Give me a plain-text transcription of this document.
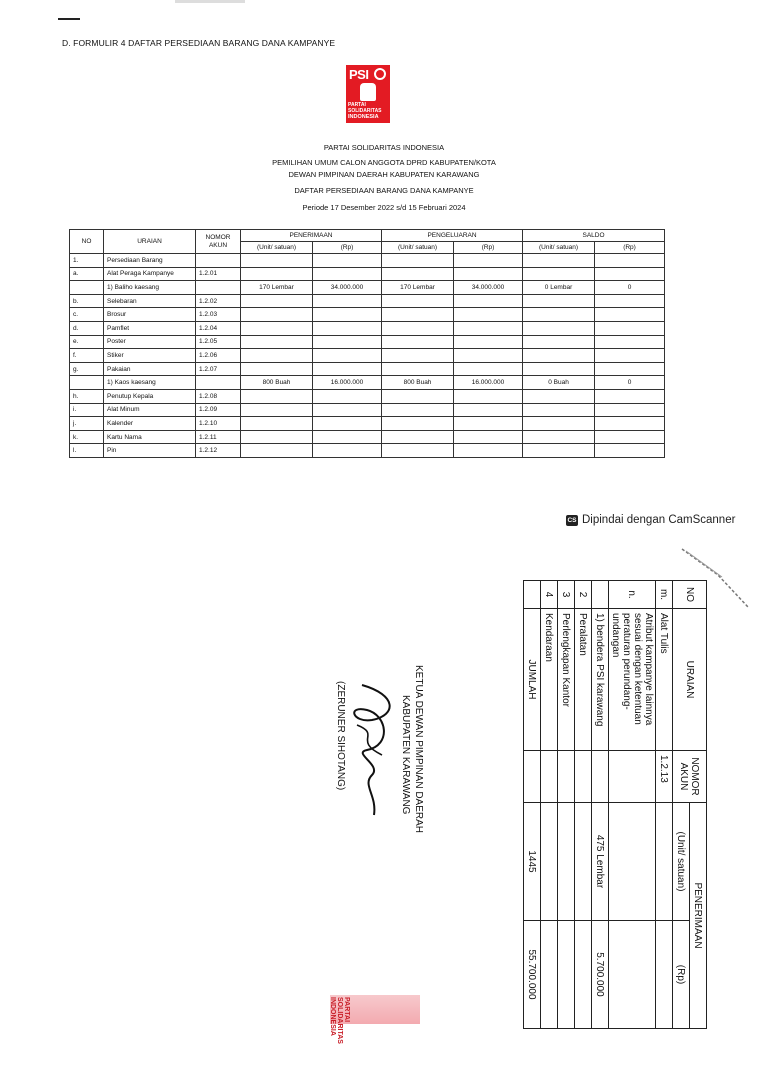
D. FORMULIR 4 DAFTAR PERSEDIAAN BARANG DANA KAMPANYE
PSI
PARTAI
SOLIDARITAS
INDONESIA
PARTAI SOLIDARITAS INDONESIA
PEMILIHAN UMUM CALON ANGGOTA DPRD KABUPATEN/KOTA
DEWAN PIMPINAN DAERAH KABUPATEN KARAWANG
DAFTAR PERSEDIAAN BARANG DANA KAMPANYE
Periode 17 Desember 2022 s/d 15 Februari 2024
NO	URAIAN	NOMOR AKUN	PENERIMAAN		PENGELUARAN		SALDO	
			(Unit/ satuan)	(Rp)	(Unit/ satuan)	(Rp)	(Unit/ satuan)	(Rp)
1.	Persediaan Barang							
a.	Alat Peraga Kampanye	1.2.01						
	1) Baliho kaesang		170 Lembar	34.000.000	170 Lembar	34.000.000	0 Lembar	0
b.	Selebaran	1.2.02						
c.	Brosur	1.2.03						
d.	Pamflet	1.2.04						
e.	Poster	1.2.05						
f.	Stiker	1.2.06						
g.	Pakaian	1.2.07						
	1) Kaos kaesang		800 Buah	16.000.000	800 Buah	16.000.000	0 Buah	0
h.	Penutup Kepala	1.2.08						
i.	Alat Minum	1.2.09						
j.	Kalender	1.2.10						
k.	Kartu Nama	1.2.11						
l.	Pin	1.2.12						
CS Dipindai dengan CamScanner
NO	URAIAN	NOMOR AKUN	PENERIMAAN	
			(Unit/ satuan)	(Rp)
m.	Alat Tulis	1.2.13		
n.	Atribut kampanye lainnya sesuai dengan ketentuan peraturan perundang-undangan			
	1) bendera PSI karawang		475 Lembar	5.700.000
2	Peralatan			
3	Perlengkapan Kantor			
4	Kendaraan			
	JUMLAH		1445	55.700.000
KETUA DEWAN PIMPINAN DAERAH
KABUPATEN KARAWANG
(ZERUNER SIHOTANG)
PARTAI SOLIDARITAS INDONESIA
